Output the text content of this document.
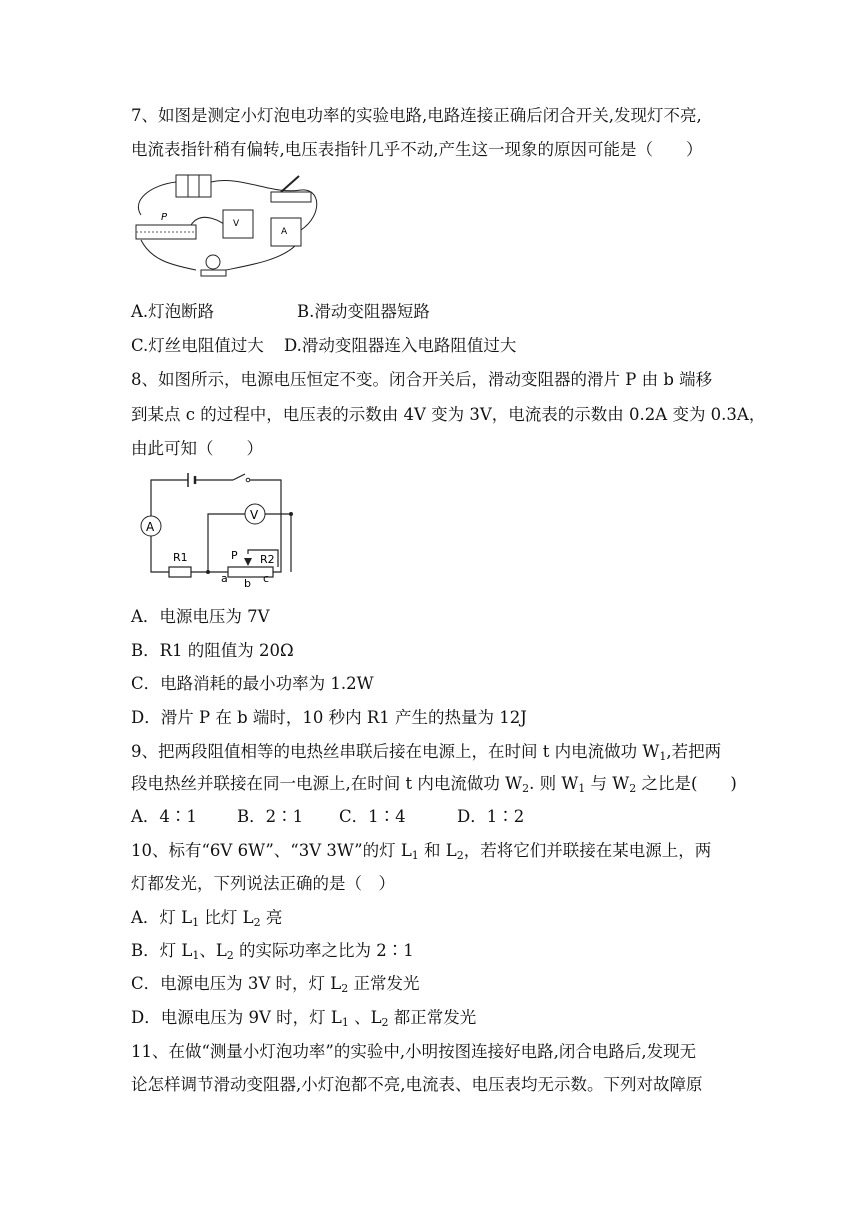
7、如图是测定小灯泡电功率的实验电路,电路连接正确后闭合开关,发现灯不亮,
电流表指针稍有偏转,电压表指针几乎不动,产生这一现象的原因可能是（　　）
P
V
A
A.灯泡断路	B.滑动变阻器短路
C.灯丝电阻值过大 D.滑动变阻器连入电路阻值过大
8、如图所示，电源电压恒定不变。闭合开关后，滑动变阻器的滑片 P 由 b 端移
到某点 c 的过程中，电压表的示数由 4V 变为 3V，电流表的示数由 0.2A 变为 0.3A，
由此可知（　　）
A
V
R1	P R2
a b c
A．电源电压为 7V
B．R1 的阻值为 20Ω
C．电路消耗的最小功率为 1.2W
D．滑片 P 在 b 端时，10 秒内 R1 产生的热量为 12J
9、把两段阻值相等的电热丝串联后接在电源上，在时间 t 内电流做功 $W_1$,若把两
段电热丝并联接在同一电源上,在时间 t 内电流做功 $W_2$. 则 $W_1$ 与 $W_2$ 之比是(　　)
A．4∶1 B．2∶1 C．1∶4	D．1∶2
10、标有“6V 6W”、“3V 3W”的灯 $L_1$ 和 $L_2$，若将它们并联接在某电源上，两
灯都发光，下列说法正确的是（　）
A．灯 $L_1$ 比灯 $L_2$ 亮
B．灯 $L_1$、$L_2$ 的实际功率之比为 2∶1
C．电源电压为 3V 时，灯 $L_2$ 正常发光
D．电源电压为 9V 时，灯 $L_1$ 、$L_2$ 都正常发光
11、在做“测量小灯泡功率”的实验中,小明按图连接好电路,闭合电路后,发现无
论怎样调节滑动变阻器,小灯泡都不亮,电流表、电压表均无示数。下列对故障原
